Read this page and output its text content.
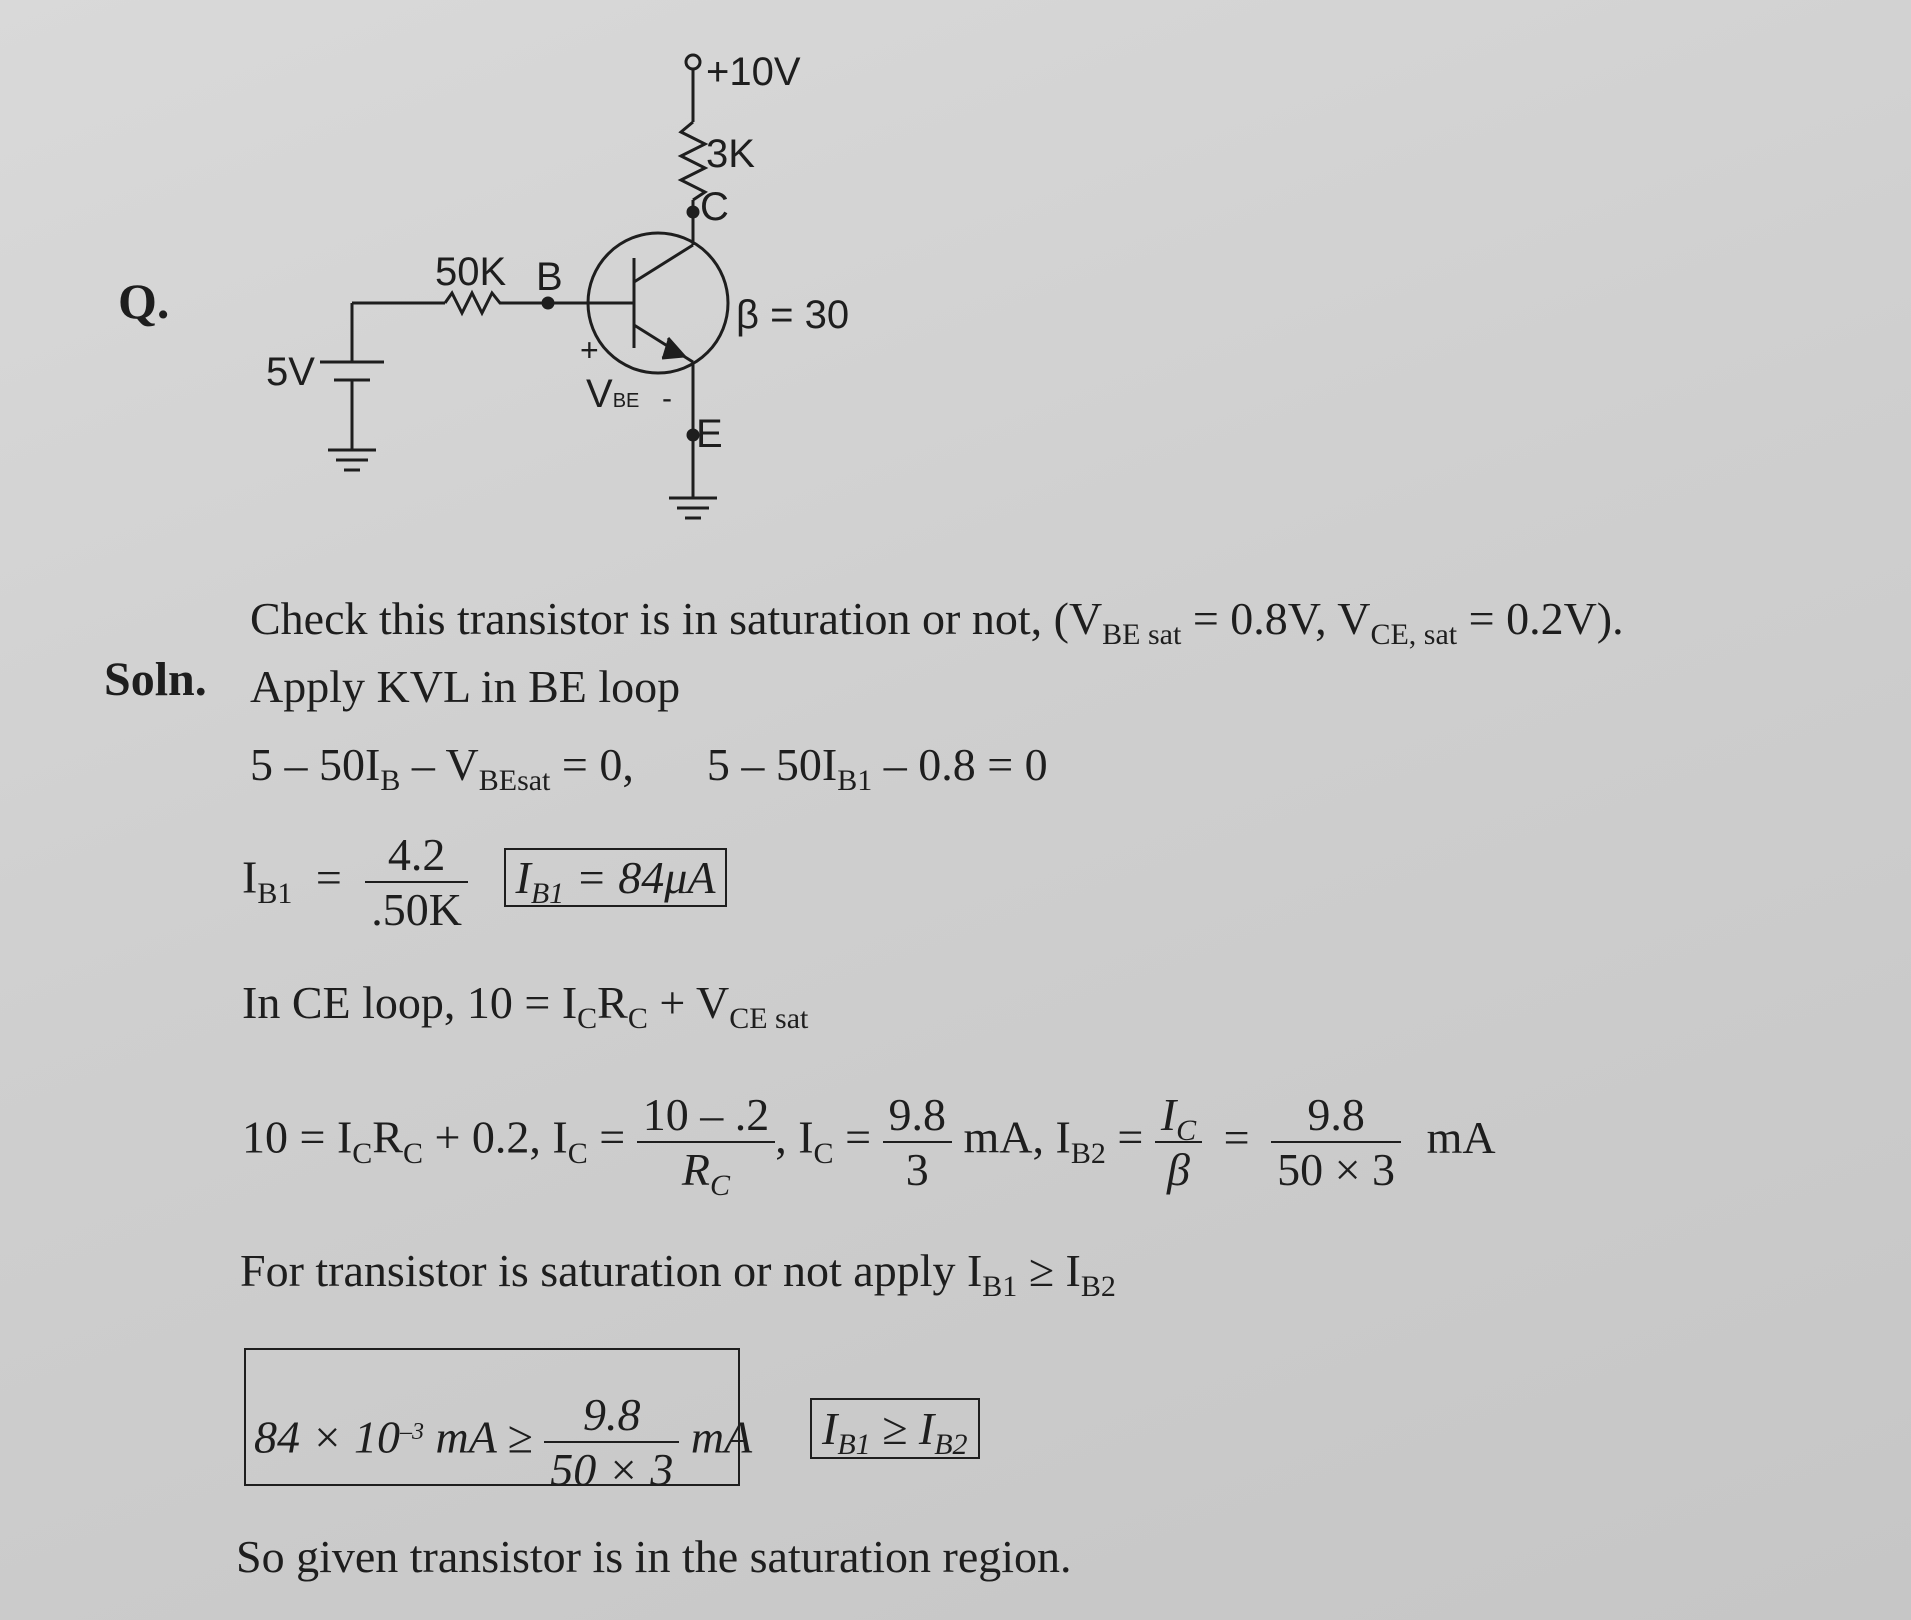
Q.
+10V
3K
C
50K B
β = 30
5V	+
VBE -
E
Check this transistor is in saturation or not, ($V_{BE sat} = 0.8V$, $V_{CE, sat} = 0.2V$).
Soln. Apply KVL in BE loop
$5 - 50I_B - V_{BEsat} = 0$, $5 - 50I_{B1} - 0.8 = 0$
$I_{B1} = \frac{4.2}{.50K} I_{B1} = 84\mu A$
In CE loop, $10 = I_CR_C + V_{CE sat}$
$10 = I_CR_C + 0.2$, $I_C = \frac{10 - .2}{R_C}$ , $I_C = \frac{9.8}{3}$ mA, $I_{B2} = \frac{I_C}{\beta} = \frac{9.8}{50 \times 3}$ mA
For transistor is saturation or not apply $I_{B1} \ge I_{B2}$
$84 \times 10^{-3}$ mA ≥ $\frac{9.8}{50 \times 3}$ mA $I_{B1} \ge I_{B2}$
So given transistor is in the saturation region.
